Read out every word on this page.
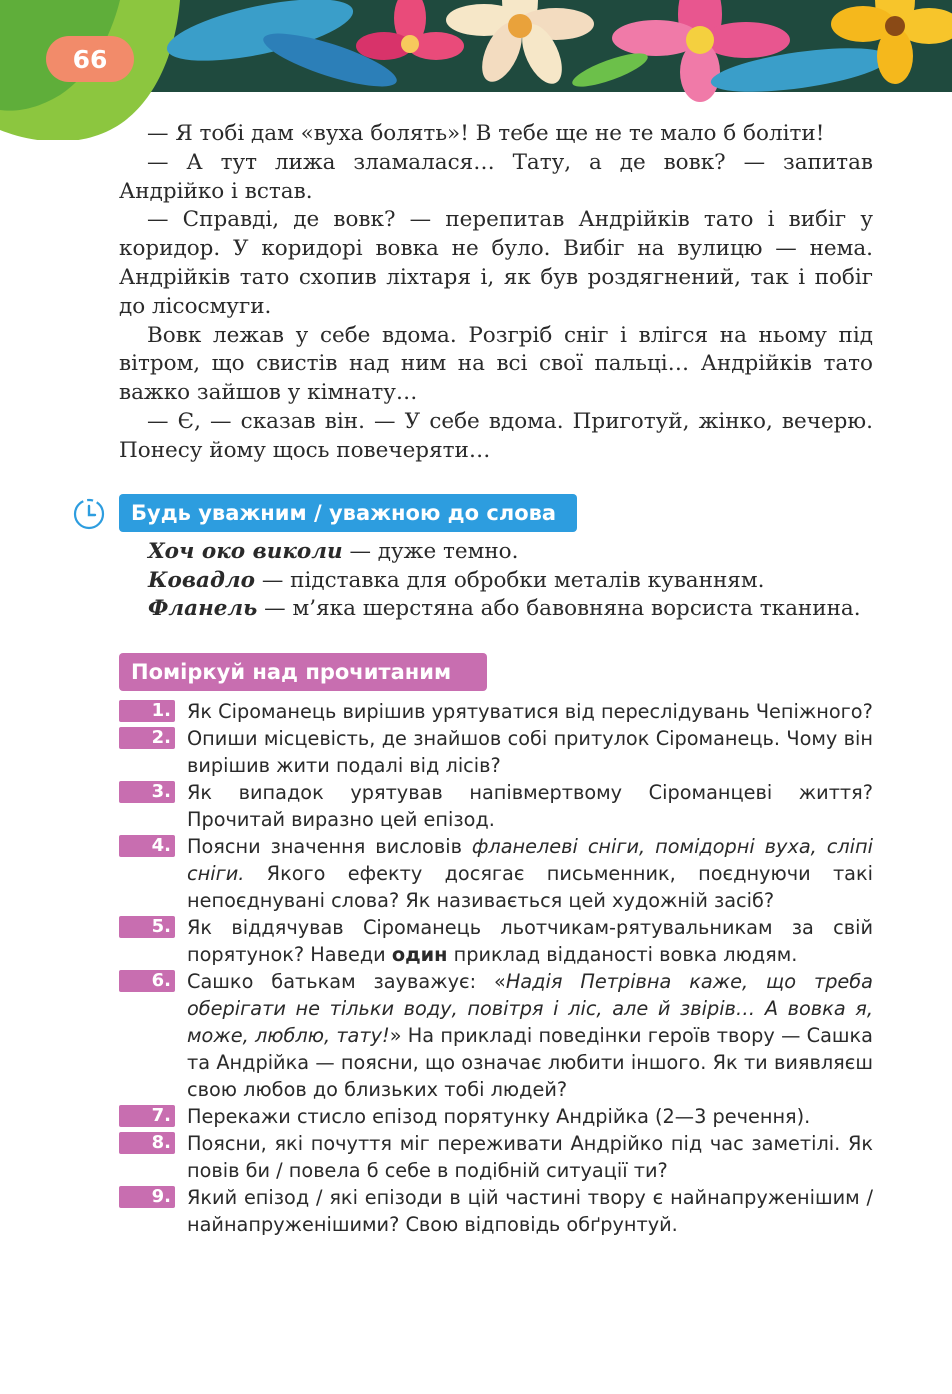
66

— Я тобі дам «вуха болять»! В тебе ще не те мало б боліти!

— А тут лижа зламалася… Тату, а де вовк? — запитав Андрійко і встав.

— Справді, де вовк? — перепитав Андрійків тато і вибіг у коридор. У коридорі вовка не було. Вибіг на вулицю — нема. Андрійків тато схопив ліхтаря і, як був роздягнений, так і побіг до лісосмуги.

Вовк лежав у себе вдома. Розгріб сніг і влігся на ньому під вітром, що свистів над ним на всі свої пальці… Андрійків тато важко зайшов у кімнату…

— Є, — сказав він. — У себе вдома. Приготуй, жінко, вечерю. Понесу йому щось повечеряти…

Будь уважним / уважною до слова
Хоч око виколи — дуже темно.
Ковадло — підставка для обробки металів куванням.
Фланель — м’яка шерстяна або бавовняна ворсиста тканина.
Поміркуй над прочитаним
1. Як Сіроманець вирішив урятуватися від переслідувань Чепіжного?
2. Опиши місцевість, де знайшов собі притулок Сіроманець. Чому він вирішив жити подалі від лісів?
3. Як випадок урятував напівмертвому Сіроманцеві життя? Прочитай виразно цей епізод.
4. Поясни значення висловів фланелеві сніги, помідорні вуха, сліпі сніги. Якого ефекту досягає письменник, поєднуючи такі непоєднувані слова? Як називається цей художній засіб?
5. Як віддячував Сіроманець льотчикам-рятувальникам за свій порятунок? Наведи один приклад відданості вовка людям.
6. Сашко батькам зауважує: «Надія Петрівна каже, що треба оберігати не тільки воду, повітря і ліс, але й звірів… А вовка я, може, люблю, тату!» На прикладі поведінки героїв твору — Сашка та Андрійка — поясни, що означає любити іншого. Як ти виявляєш свою любов до близьких тобі людей?
7. Перекажи стисло епізод порятунку Андрійка (2—3 речення).
8. Поясни, які почуття міг переживати Андрійко під час заметілі. Як повів би / повела б себе в подібній ситуації ти?
9. Який епізод / які епізоди в цій частині твору є найнапруженішим / найнапруженішими? Свою відповідь обґрунтуй.
